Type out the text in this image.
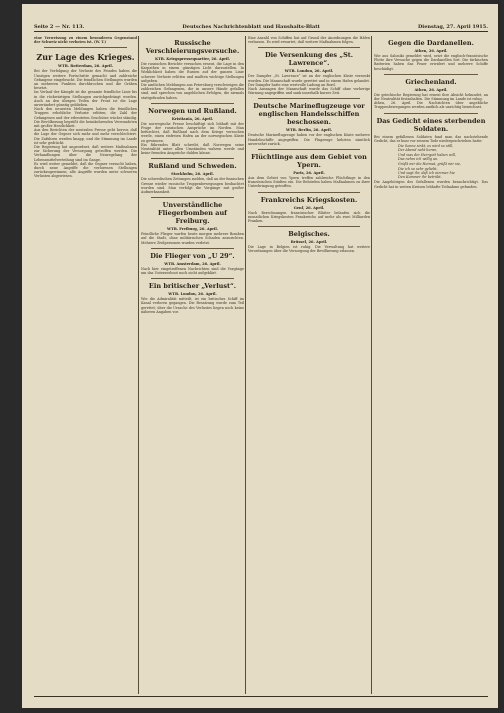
Seite 2 — Nr. 113.	Deutsches Nachrichtenblatt und Haushalts-Blatt	Dienstag, 27. April 1915.
eine Verweisung zu einem besonderen Gegenstand der Schweiz nicht verboten ist. (W. T.)
Zur Lage des Krieges.
WTB. Rotterdam, 26. April.
Bei der Verfolgung der Verluste des Feindes haben die Unsrigen weitere Fortschritte gemacht und zahlreiche Gefangene eingebracht. Die feindlichen Stellungen wurden an mehreren Punkten durchbrochen und die Gräben besetzt.
Im Verlauf der Kämpfe ist die gesamte feindliche Linie bis in die rückwärtigen Stellungen zurückgedrängt worden. Auch an den übrigen Teilen der Front ist die Lage unverändert günstig geblieben.
Nach den neuesten Meldungen haben die feindlichen Truppen erhebliche Verluste erlitten; die Zahl der Gefangenen und der erbeuteten Geschütze wächst ständig. Die Bevölkerung begrüßt die heimkehrenden Verwundeten mit großer Herzlichkeit.
Aus den Berichten der neutralen Presse geht hervor, daß die Lage der Gegner sich mehr und mehr verschlechtert. Die Zufuhren werden knapp, und die Stimmung im Lande ist sehr gedrückt.
Die Regierung hat angeordnet, daß weitere Maßnahmen zur Sicherung der Versorgung getroffen werden. Die Verhandlungen über die Neuregelung der Lebensmittelverteilung sind im Gange.
Es wird weiter gemeldet, daß die Gegner versucht haben, durch neue Angriffe die verlorenen Stellungen zurückzugewinnen; alle Angriffe wurden unter schweren Verlusten abgewiesen.
Russische Verschleierungsversuche.
KTB. Kriegspressequartier, 26. April.
Die russischen Berichte versuchen erneut, die Lage in den Karpathen in einem günstigen Licht darzustellen. In Wirklichkeit haben die Russen auf der ganzen Linie schwere Verluste erlitten und mußten wichtige Stellungen aufgeben.
Die amtlichen Meldungen aus Petersburg verschweigen die zahlreichen Gefangenen, die in unsere Hände gefallen sind, und sprechen von angeblichen Erfolgen, die niemals stattgefunden haben.
Norwegen und Rußland.
Kristiania, 26. April.
Die norwegische Presse beschäftigt sich lebhaft mit der Frage der russischen Ansprüche im Norden. Man befürchtet, daß Rußland nach dem Kriege versuchen werde, einen eisfreien Hafen an der norwegischen Küste zu gewinnen.
Ein führendes Blatt schreibt, daß Norwegen seine Neutralität unter allen Umständen wahren werde und keine fremden Ansprüche dulden könne.
Rußland und Schweden.
Stockholm, 26. April.
Die schwedischen Zeitungen melden, daß an der finnischen Grenze wieder russische Truppenbewegungen beobachtet worden sind. Man verfolgt die Vorgänge mit großer Aufmerksamkeit.
Unverständliche Fliegerbomben auf Freiburg.
WTB. Freiburg, 26. April.
Feindliche Flieger warfen heute morgen mehrere Bomben auf die Stadt, ohne militärischen Schaden anzurichten. Mehrere Zivilpersonen wurden verletzt.
Die Flieger von „U 29“.
WTB. Amsterdam, 26. April.
Nach hier eingetroffenen Nachrichten sind die Vorgänge um das Unterseeboot noch nicht aufgeklärt.
Ein britischer „Verlust“.
WTB. London, 26. April.
Wie die Admiralität mitteilt, ist ein britisches Schiff im Kanal verloren gegangen. Die Besatzung wurde zum Teil gerettet; über die Ursache des Verlustes liegen noch keine näheren Angaben vor.
Eine Anzahl von Schiffen hat auf Grund der Anordnungen die Häfen verlassen. Es wird erwartet, daß weitere Maßnahmen folgen.
Die Versenkung des „St. Lawrence“.
WTB. London, 26. April.
Der Dampfer „St. Lawrence“ ist an der englischen Küste versenkt worden. Die Mannschaft wurde gerettet und in einem Hafen gelandet. Der Dampfer hatte eine wertvolle Ladung an Bord.
Nach Aussagen der Mannschaft wurde das Schiff ohne vorherige Warnung angegriffen und sank innerhalb kurzer Zeit.
Deutsche Marineflugzeuge vor englischen Handelsschiffen beschossen.
WTB. Berlin, 26. April.
Deutsche Marineflugzeuge haben vor der englischen Küste mehrere Handelsschiffe angegriffen. Die Flugzeuge kehrten sämtlich unversehrt zurück.
Flüchtlinge aus dem Gebiet von Ypern.
Paris, 26. April.
Aus dem Gebiet von Ypern treffen zahlreiche Flüchtlinge in den französischen Städten ein. Die Behörden haben Maßnahmen zu ihrer Unterbringung getroffen.
Frankreichs Kriegskosten.
Genf, 26. April.
Nach Berechnungen französischer Blätter belaufen sich die monatlichen Kriegskosten Frankreichs auf mehr als zwei Milliarden Franken.
Belgisches.
Brüssel, 26. April.
Die Lage in Belgien ist ruhig. Die Verwaltung hat weitere Verordnungen über die Versorgung der Bevölkerung erlassen.
Gegen die Dardanellen.
Athen, 26. April.
Wie aus Saloniki gemeldet wird, setzt die englisch-französische Flotte ihre Versuche gegen die Dardanellen fort. Die türkischen Batterien haben das Feuer erwidert und mehrere Schiffe beschädigt.
Griechenland.
Athen, 26. April.
Die griechische Regierung hat erneut ihre Absicht bekundet, an der Neutralität festzuhalten. Die Stimmung im Lande ist ruhig.
Athen, 26. April. Die Nachrichten über angebliche Truppenbewegungen werden amtlich als unrichtig bezeichnet.
Das Gedicht eines sterbenden Soldaten.
Bei einem gefallenen Soldaten fand man das nachstehende Gedicht, das er kurz vor seinem Tode niedergeschrieben hatte:
Die Sonne sinkt, es wird so still,
Der Abend naht heran,
Und was der Herrgott haben will,
Das nehm ich willig an.
Grüßt mir die Heimat, grüßt mir sie,
Die ich so sehr geliebt,
Und sagt ihr, daß ich nimmer hie
Den Kummer ihr betrübt.
Die Angehörigen des Gefallenen wurden benachrichtigt. Das Gedicht hat in weiten Kreisen lebhafte Teilnahme gefunden.
